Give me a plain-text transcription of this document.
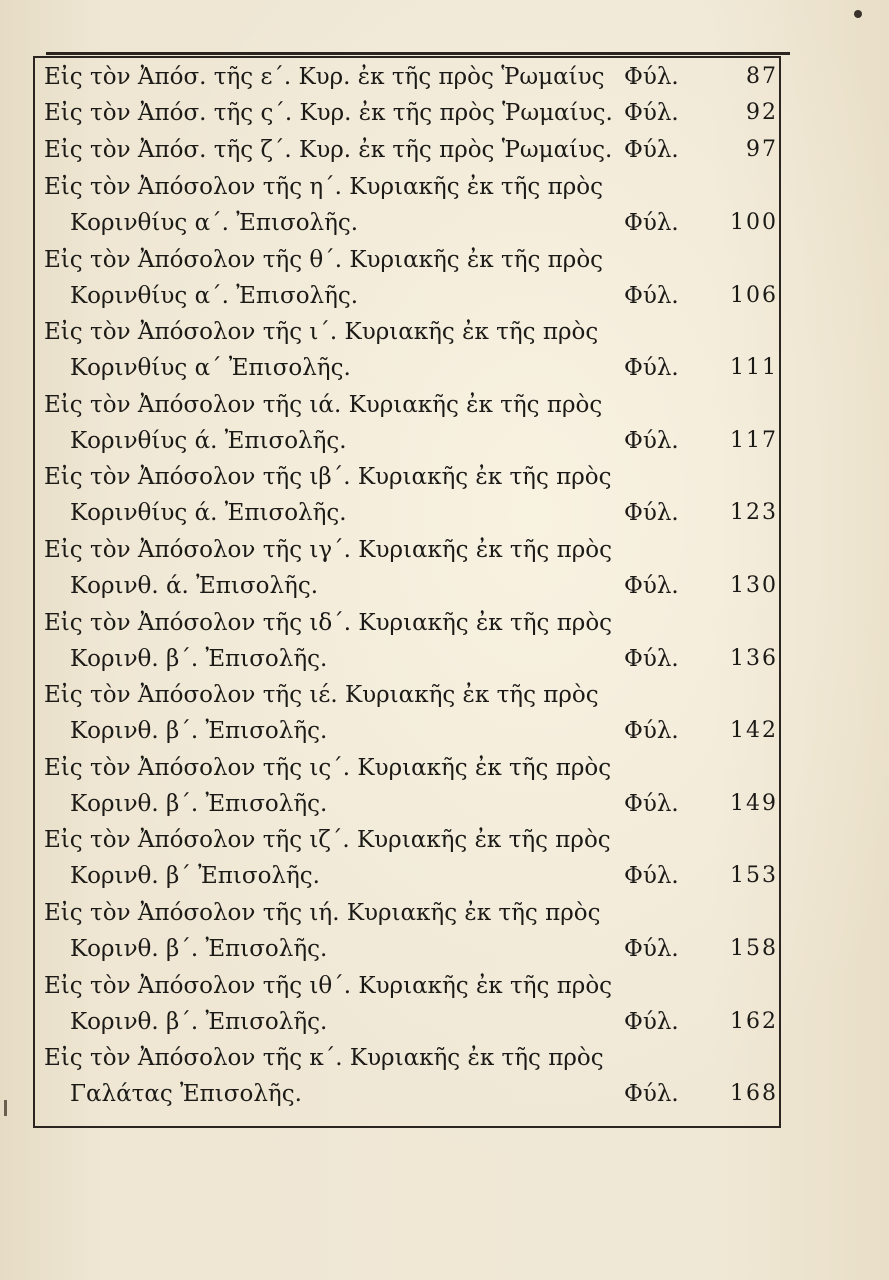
Εἰς τὸν Ἀπόσ. τῆς ε΄. Κυρ. ἐκ τῆς πρὸς Ῥωμαίυς Φύλ.	87
Εἰς τὸν Ἀπόσ. τῆς ς΄. Κυρ. ἐκ τῆς πρὸς Ῥωμαίυς. Φύλ.	92
Εἰς τὸν Ἀπόσ. τῆς ζ΄. Κυρ. ἐκ τῆς πρὸς Ῥωμαίυς. Φύλ.	97
Εἰς τὸν Ἀπόσολον τῆς η΄. Κυριακῆς ἐκ τῆς πρὸς
Κορινθίυς α΄. Ἐπισολῆς.	Φύλ. 100
Εἰς τὸν Ἀπόσολον τῆς θ΄. Κυριακῆς ἐκ τῆς πρὸς
Κορινθίυς α΄. Ἐπισολῆς.	Φύλ. 106
Εἰς τὸν Ἀπόσολον τῆς ι΄. Κυριακῆς ἐκ τῆς πρὸς
Κορινθίυς α΄ Ἐπισολῆς.	Φύλ. 111
Εἰς τὸν Ἀπόσολον τῆς ιά. Κυριακῆς ἐκ τῆς πρὸς
Κορινθίυς ά. Ἐπισολῆς.	Φύλ. 117
Εἰς τὸν Ἀπόσολον τῆς ιβ΄. Κυριακῆς ἐκ τῆς πρὸς
Κορινθίυς ά. Ἐπισολῆς.	Φύλ. 123
Εἰς τὸν Ἀπόσολον τῆς ιγ΄. Κυριακῆς ἐκ τῆς πρὸς
Κορινθ. ά. Ἐπισολῆς.	Φύλ. 130
Εἰς τὸν Ἀπόσολον τῆς ιδ΄. Κυριακῆς ἐκ τῆς πρὸς
Κορινθ. β΄. Ἐπισολῆς.	Φύλ. 136
Εἰς τὸν Ἀπόσολον τῆς ιέ. Κυριακῆς ἐκ τῆς πρὸς
Κορινθ. β΄. Ἐπισολῆς.	Φύλ. 142
Εἰς τὸν Ἀπόσολον τῆς ις΄. Κυριακῆς ἐκ τῆς πρὸς
Κορινθ. β΄. Ἐπισολῆς.	Φύλ. 149
Εἰς τὸν Ἀπόσολον τῆς ιζ΄. Κυριακῆς ἐκ τῆς πρὸς
Κορινθ. β΄ Ἐπισολῆς.	Φύλ. 153
Εἰς τὸν Ἀπόσολον τῆς ιή. Κυριακῆς ἐκ τῆς πρὸς
Κορινθ. β΄. Ἐπισολῆς.	Φύλ. 158
Εἰς τὸν Ἀπόσολον τῆς ιθ΄. Κυριακῆς ἐκ τῆς πρὸς
Κορινθ. β΄. Ἐπισολῆς.	Φύλ. 162
Εἰς τὸν Ἀπόσολον τῆς κ΄. Κυριακῆς ἐκ τῆς πρὸς
Γαλάτας Ἐπισολῆς.	Φύλ. 168
